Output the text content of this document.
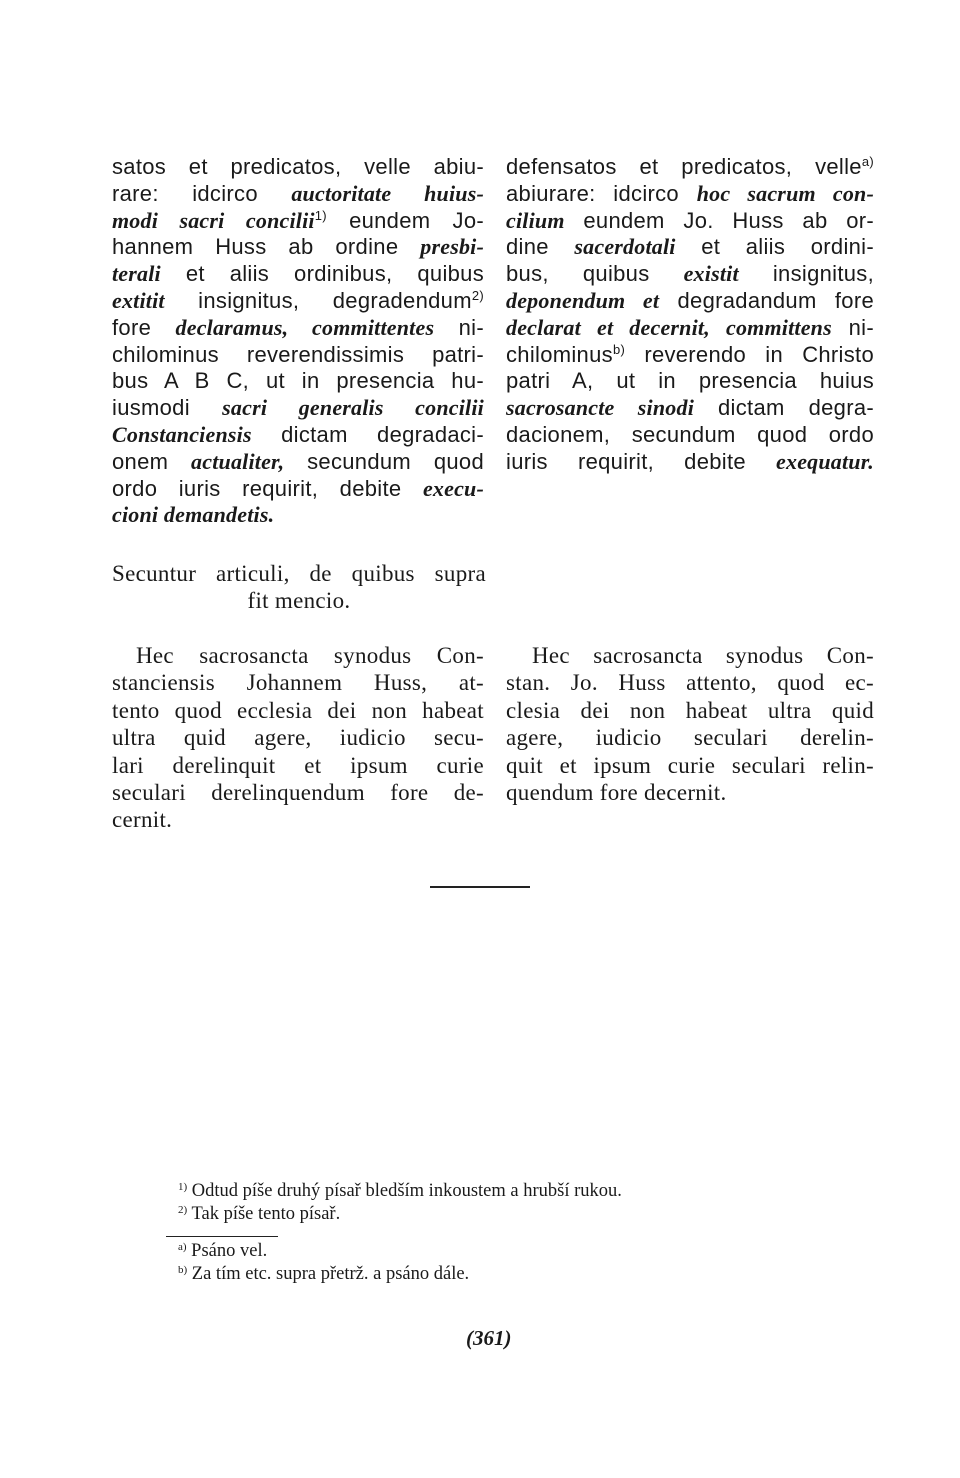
satos et predicatos, velle abiu-
rare: idcirco auctoritate huius-
modi sacri concilii$^{1)}$ eundem Jo-
hannem Huss ab ordine presbi-
terali et aliis ordinibus, quibus
extitit insignitus, degradendum$^{2)}$
fore declaramus, committentes ni-
chilominus reverendissimis patri-
bus A B C, ut in presencia hu-
iusmodi sacri generalis concilii
Constanciensis dictam degradaci-
onem actualiter, secundum quod
ordo iuris requirit, debite execu-
cioni demandetis.
Secuntur articuli, de quibus supra
fit mencio.
Hec sacrosancta synodus Con-
stanciensis Johannem Huss, at-
tento quod ecclesia dei non habeat
ultra quid agere, iudicio secu-
lari derelinquit et ipsum curie
seculari derelinquendum fore de-
cernit.
defensatos et predicatos, velle$^{a)}$
abiurare: idcirco hoc sacrum con-
cilium eundem Jo. Huss ab or-
dine sacerdotali et aliis ordini-
bus, quibus existit insignitus,
deponendum et degradandum fore
declarat et decernit, committens ni-
chilominus$^{b)}$ reverendo in Christo
patri A, ut in presencia huius
sacrosancte sinodi dictam degra-
dacionem, secundum quod ordo
iuris requirit, debite exequatur.
Hec sacrosancta synodus Con-
stan. Jo. Huss attento, quod ec-
clesia dei non habeat ultra quid
agere, iudicio seculari derelin-
quit et ipsum curie seculari relin-
quendum fore decernit.
$^{1)}$ Odtud píše druhý písař bledším inkoustem a hrubší rukou.
$^{2)}$ Tak píše tento písař.
$^{a)}$ Psáno vel.
$^{b)}$ Za tím etc. supra přetrž. a psáno dále.
(361)
